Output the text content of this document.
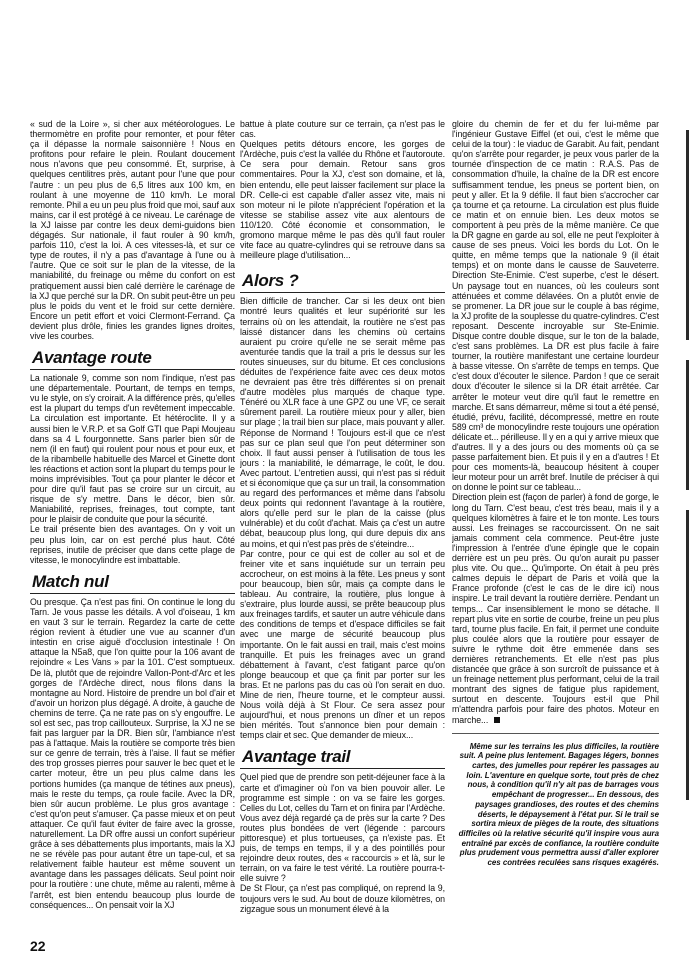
« sud de la Loire », si cher aux météorologues. Le thermomètre en profite pour remonter, et pour fêter ça il dépasse la normale saisonnière ! Nous en profitons pour refaire le plein. Roulant doucement nous n'avons que peu consommé. Et, surprise, à quelques centilitres près, autant pour l'une que pour l'autre : un peu plus de 6,5 litres aux 100 km, en roulant à une moyenne de 110 km/h. Le moral remonte. Phil a eu un peu plus froid que moi, sauf aux mains, car il est protégé à ce niveau. Le carénage de la XJ laisse par contre les deux demi-guidons bien dégagés. Sur nationale, il faut rouler à 90 km/h, parfois 110, c'est la loi. A ces vitesses-là, et sur ce type de routes, il n'y a pas d'avantage à l'une ou à l'autre. Que ce soit sur le plan de la vitesse, de la maniabilité, du freinage ou même du confort on est pratiquement aussi bien calé derrière le carénage de la XJ que perché sur la DR. On subit peut-être un peu plus le poids du vent et le froid sur cette dernière. Encore un petit effort et voici Clermont-Ferrand. Ça devient plus drôle, finies les grandes lignes droites, vive les courbes.

Avantage route

La nationale 9, comme son nom l'indique, n'est pas une départementale. Pourtant, de temps en temps, vu le style, on s'y croirait. A la différence près, qu'elles est la plupart du temps d'un revêtement impeccable. La circulation est importante. Et hétéroclite. Il y a aussi bien le V.R.P. et sa Golf GTI que Papi Moujeau dans sa 4 L fourgonnette. Sans parler bien sûr de nem (il en faut) qui roulent pour nous et pour eux, et de la ribambelle habituelle des Marcel et Ginette dont les réactions et action sont la plupart du temps pour le moins imprévisibles. Tout ça pour planter le décor et pour dire qu'il faut pas se croire sur un circuit, au risque de s'y mettre. Dans le décor, bien sûr. Maniabilité, reprises, freinages, tout compte, tant pour le plaisir de conduite que pour la sécurité.
Le trail présente bien des avantages. On y voit un peu plus loin, car on est perché plus haut. Côté reprises, inutile de préciser que dans cette plage de vitesse, le monocylindre est imbattable.

Match nul

Ou presque. Ça n'est pas fini. On continue le long du Tarn. Je vous passe les détails. A vol d'oiseau, 1 km en vaut 3 sur le terrain. Regardez la carte de cette région revient à étudier une vue au scanner d'un intestin en crise aiguë d'occlusion intestinale ! On attaque la N5a8, que l'on quitte pour la 106 avant de rejoindre « Les Vans » par la 101. C'est somptueux. De là, plutôt que de rejoindre Vallon-Pont-d'Arc et les gorges de l'Ardèche direct, nous filons dans la montagne au Nord. Histoire de prendre un bol d'air et d'avoir un horizon plus dégagé. A droite, à gauche de chemins de terre. Ça ne rate pas on s'y engouffre. Le sol est sec, pas trop caillouteux. Surprise, la XJ ne se fait pas larguer par la DR. Bien sûr, l'ambiance n'est pas à l'attaque. Mais la routière se comporte très bien sur ce genre de terrain, très à l'aise. Il faut se méfier des trop grosses pierres pour sauver le bec quet et le carter moteur, être un peu plus calme dans les portions humides (ça manque de tétines aux pneus), mais le reste du temps, ça roule facile. Avec la DR, bien sûr aucun problème. Le plus gros avantage : c'est qu'on peut s'amuser. Ça passe mieux et on peut attaquer. Ce qu'il faut éviter de faire avec la grosse, naturellement. La DR offre aussi un confort supérieur grâce à ses débattements plus importants, mais la XJ ne se révèle pas pour autant être un tape-cul, et sa relativement faible hauteur est même souvent un avantage dans les passages délicats. Seul point noir pour la routière : une chute, même au ralenti, même à l'arrêt, est bien entendu beaucoup plus lourde de conséquences... On pensait voir la XJ

battue à plate couture sur ce terrain, ça n'est pas le cas.
Quelques petits détours encore, les gorges de l'Ardèche, puis c'est la vallée du Rhône et l'autoroute. Ce sera pour demain. Retour sans gros commentaires. Pour la XJ, c'est son domaine, et là, bien entendu, elle peut laisser facilement sur place la DR. Celle-ci est capable d'aller assez vite, mais ni son moteur ni le pilote n'apprécient l'opération et la vitesse se stabilise assez vite aux alentours de 110/120. Côté économie et consommation, le gromono marque même le pas dès qu'il faut rouler vite face au quatre-cylindres qui se retrouve dans sa meilleure plage d'utilisation...

Alors ?

Bien difficile de trancher. Car si les deux ont bien montré leurs qualités et leur supériorité sur les terrains où on les attendait, la routière ne s'est pas laissé distancer dans les chemins où certains auraient pu croire qu'elle ne se serait même pas aventurée tandis que la trail a pris le dessus sur les routes sinueuses, sur du bitume. Et ces conclusions déduites de l'expérience faite avec ces deux motos ne devraient pas être très différentes si on prenait d'autre modèles plus marqués de chaque type. Ténéré ou XLR face à une GPZ ou une VF, ce serait sûrement pareil. La routière mieux pour y aller, bien sur plage ; la trail bien sur place, mais pouvant y aller. Réponse de Normand ! Toujours est-il que ce n'est pas sur ce plan seul que l'on peut déterminer son choix. Il faut aussi penser à l'utilisation de tous les jours : la maniabilité, le démarrage, le coût, le dou. Avec partout. L'entretien aussi, qui n'est pas si réduit et si économique que ça sur un trail, la consommation au regard des performances et même dans l'absolu deux points qui redonnent l'avantage à la routière, alors qu'elle perd sur le plan de la caisse (plus vulnérable) et du coût d'achat. Mais ça c'est un autre débat, beaucoup plus long, qui dure depuis dix ans au moins, et qui n'est pas près de s'éteindre...
Par contre, pour ce qui est de coller au sol et de freiner vite et sans inquiétude sur un terrain peu accrocheur, on est moins à la fête. Les pneus y sont pour beaucoup, bien sûr, mais ça compte dans le tableau. Au contraire, la routière, plus longue à s'extraire, plus lourde aussi, se prête beaucoup plus aux freinages tardifs, et sauter un autre véhicule dans des conditions de temps et d'espace difficiles se fait avec une marge de sécurité beaucoup plus importante. On le fait aussi en trail, mais c'est moins tranquille. Et puis les freinages avec un grand débattement à l'avant, c'est fatigant parce qu'on plonge beaucoup et que ça finit par porter sur les bras. Et ne parlons pas du cas où l'on serait en duo. Mine de rien, l'heure tourne, et le compteur aussi. Nous voilà déjà à St Flour. Ce sera assez pour aujourd'hui, et nous prenons un dîner et un repos bien mérités. Tout s'annonce bien pour demain : temps clair et sec. Que demander de mieux...

Avantage trail

Quel pied que de prendre son petit-déjeuner face à la carte et d'imaginer où l'on va bien pouvoir aller. Le programme est simple : on va se faire les gorges. Celles du Lot, celles du Tarn et on finira par l'Ardèche. Vous avez déjà regardé ça de près sur la carte ? Des routes plus bondées de vert (légende : parcours pittoresque) et plus tortueuses, ça n'existe pas. Et puis, de temps en temps, il y a des pointillés pour rejoindre deux routes, des « raccourcis » et là, sur le terrain, on va faire le test vérité. La routière pourra-t-elle suivre ?
De St Flour, ça n'est pas compliqué, on reprend la 9, toujours vers le sud. Au bout de douze kilomètres, on zigzague sous un monument élevé à la

gloire du chemin de fer et du fer lui-même par l'ingénieur Gustave Eiffel (et oui, c'est le même que celui de la tour) : le viaduc de Garabit. Au fait, pendant qu'on s'arrête pour regarder, je peux vous parler de la tournée d'inspection de ce matin : R.A.S. Pas de consommation d'huile, la chaîne de la DR est encore suffisamment tendue, les pneus se portent bien, on peut y aller. Et la 9 défile. Il faut bien s'accrocher car ça tourne et ça retourne. La circulation est plus fluide ce matin et on ennuie bien. Les deux motos se comportent à peu près de la même manière. Ce que la DR gagne en garde au sol, elle ne peut l'exploiter à cause de ses pneus. Voici les bords du Lot. On le quitte, en même temps que la nationale 9 (il était temps) et on monte dans le causse de Sauveterre. Direction Ste-Enimie. C'est superbe, c'est le désert. Un paysage tout en nuances, où les couleurs sont atténuées et comme délavées. On a plutôt envie de se promener. La DR joue sur le couple à bas régime, la XJ profite de la souplesse du quatre-cylindres. C'est reposant. Descente incroyable sur Ste-Enimie. Disque contre double disque, sur le ton de la balade, c'est sans problèmes. La DR est plus facile à faire tourner, la routière manifestant une certaine lourdeur à basse vitesse. On s'arrête de temps en temps. Que c'est doux d'écouter le silence. Pardon ! que ce serait doux d'écouter le silence si la DR était arrêtée. Car arrêter le moteur veut dire qu'il faut le remettre en marche. Et sans démarreur, même si tout a été pensé, étudié, prévu, facilité, décompressé, mettre en route 589 cm³ de monocylindre reste toujours une opération délicate et... périlleuse. Il y en a qui y arrive mieux que d'autres. Il y a des jours ou des moments où ça se passe parfaitement bien. Et puis il y en a d'autres ! Et pour ces moments-là, beaucoup hésitent à couper leur moteur pour un arrêt bref. Inutile de préciser à qui on donne le point sur ce tableau...
Direction plein est (façon de parler) à fond de gorge, le long du Tarn. C'est beau, c'est très beau, mais il y a quelques kilomètres à faire et le ton monte. Les tours aussi. Les freinages se raccourcissent. On ne sait jamais comment cela commence. Peut-être juste l'impression à l'entrée d'une épingle que le copain derrière est un peu près. Ou qu'on aurait pu passer plus vite. Ou que... Qu'importe. On était à peu près calmes depuis le départ de Paris et voilà que la France profonde (c'est le cas de le dire ici) nous inspire. Le trail devant la routière derrière. Pendant un temps... Car insensiblement le mono se détache. Il repart plus vite en sortie de courbe, freine un peu plus tard, tourne plus facile. En fait, il permet une conduite plus coulée alors que la routière pour essayer de suivre le rythme doit être emmenée dans ses dernières retranchements. Et elle n'est pas plus distancée que grâce à son surcroît de puissance et à un freinage nettement plus performant, celui de la trail montrant des signes de fatigue plus rapidement, surtout en descente. Toujours est-il que Phil m'attendra parfois pour faire des photos. Moteur en marche...

Même sur les terrains les plus difficiles, la routière suit. A peine plus lentement. Bagages légers, bonnes cartes, des jumelles pour repérer les passages au loin. L'aventure en quelque sorte, tout près de chez nous, à condition qu'il n'y ait pas de barrages vous empêchant de progresser... En dessous, des paysages grandioses, des routes et des chemins déserts, le dépaysement à l'état pur. Si le trail se sortira mieux de pièges de la route, des situations difficiles où la relative sécurité qu'il inspire vous aura entraîné par excès de confiance, la routière conduite plus prudement vous permettra aussi d'aller explorer ces contrées reculées sans risques exagérés.

22
